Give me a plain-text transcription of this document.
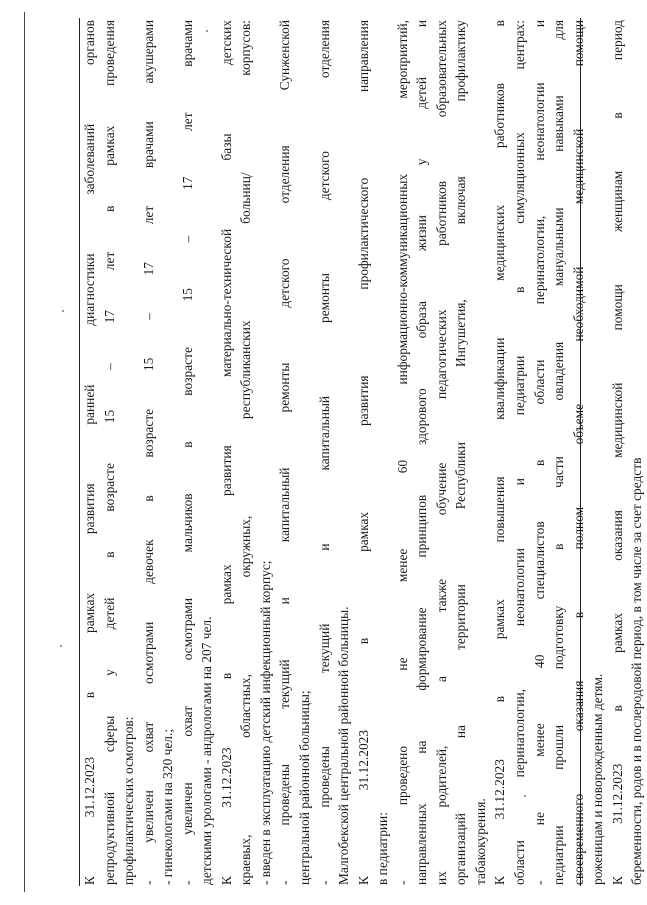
К 31.12.2023 в рамках развития ранней диагностики заболеваний органов репродуктивной сферы у детей в возрасте 15 – 17 лет в рамках проведения профилактических осмотров: - увеличен охват осмотрами девочек в возрасте 15 – 17 лет врачами акушерами - гинекологами на 320 чел.; - увеличен охват осмотрами мальчиков в возрасте 15 – 17 лет врачами детскими урологами - андрологами на 207 чел. К 31.12.2023 в рамках развития материально-технической базы детских краевых, областных, окружных, республиканских больниц/ корпусов: - введен в эксплуатацию детский инфекционный корпус; - проведены текущий и капитальный ремонты детского отделения Сунженской центральной районной больницы; - проведены текущий и капитальный ремонты детского отделения Малгобекской центральной районной больницы. К 31.12.2023 в рамках развития профилактического направления в педиатрии: - проведено не менее 60 информационно-коммуникационных мероприятий, направленных на формирование принципов здорового образа жизни у детей и их родителей, а также обучение педагогических работников образовательных организаций на территории Республики Ингушетия, включая профилактику табакокурения. К 31.12.2023 в рамках повышения квалификации медицинских работников в области перинатологии, неонатологии и педиатрии в симуляционных центрах: - не менее 40 специалистов в области перинатологии, неонатологии и педиатрии прошли подготовку в части овладения мануальными навыками для своевременного оказания в полном объеме необходимой медицинской помощи роженицам и новорожденным детям. К 31.12.2023 в рамках оказания медицинской помощи женщинам в период беременности, родов и в послеродовой период, в том числе за счет средств
